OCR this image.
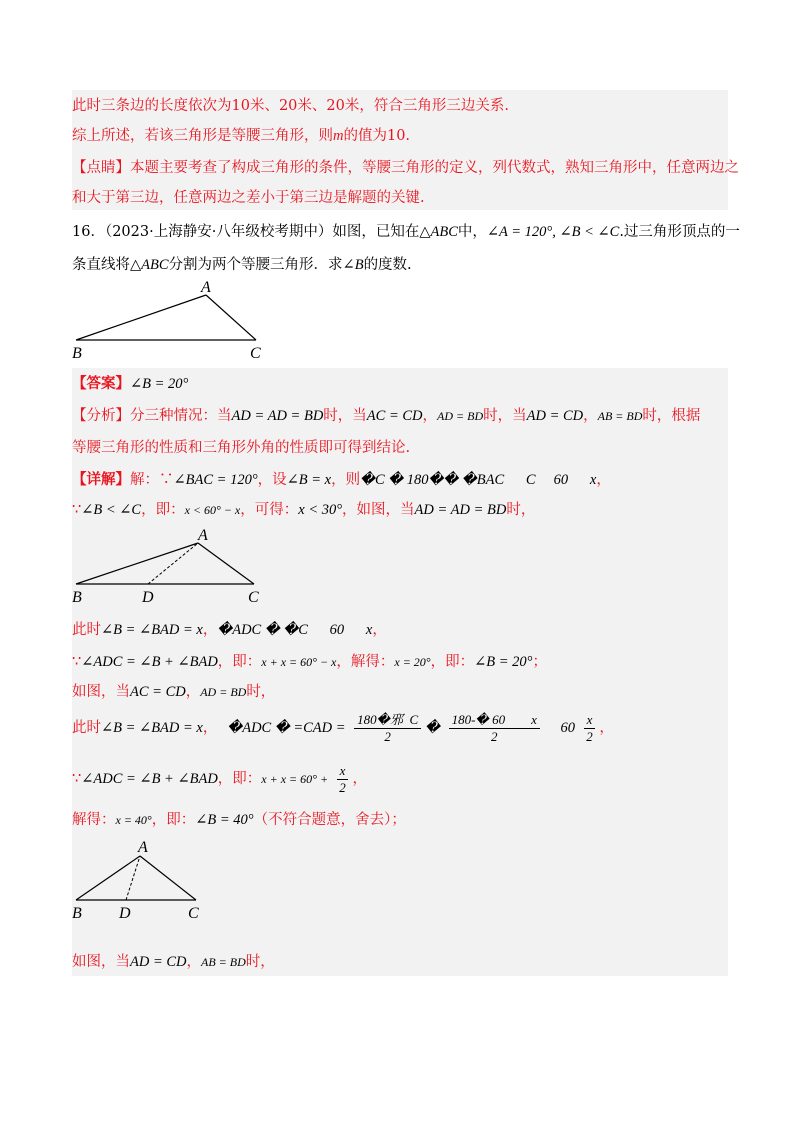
此时三条边的长度依次为10米、20米、20米，符合三角形三边关系.
综上所述，若该三角形是等腰三角形，则m的值为10.
【点睛】本题主要考查了构成三角形的条件，等腰三角形的定义，列代数式，熟知三角形中，任意两边之
和大于第三边，任意两边之差小于第三边是解题的关键.
16．（2023·上海静安·八年级校考期中）如图，已知在△ABC中，∠A = 120°, ∠B < ∠C.过三角形顶点的一
条直线将△ABC分割为两个等腰三角形．求∠B的度数.
A
B	C
【答案】∠B = 20°
【分析】分三种情况：当AD = AD = BD时，当AC = CD，AD = BD时，当AD = CD，AB = BD时，根据
等腰三角形的性质和三角形外角的性质即可得到结论.
【详解】解：∵∠BAC = 120°，设∠B = x，则�C � 180�� �BAC      C     60      x，
∵∠B < ∠C，即：x < 60° − x，可得：x < 30°，如图，当AD = AD = BD时，
A
B	D	C
此时∠B = ∠BAD = x，�ADC � �C      60      x，
∵∠ADC = ∠B + ∠BAD，即：x + x = 60° − x，解得：x = 20°，即：∠B = 20°；
如图，当AC = CD，AD = BD时，
此时∠B = ∠BAD = x， �ADC � $=CAD = \frac{\text{180�邪  C}}{2}$ � $\frac{180-� 60 x}{2} 60 \frac{x}{2}$ ，
∵∠ADC = ∠B + ∠BAD，即：$x + x = 60^\circ + \frac{x}{2}$ ，
解得：x = 40°，即：∠B = 40°（不符合题意，舍去）；
A
B D	C
如图，当AD = CD，AB = BD时，
